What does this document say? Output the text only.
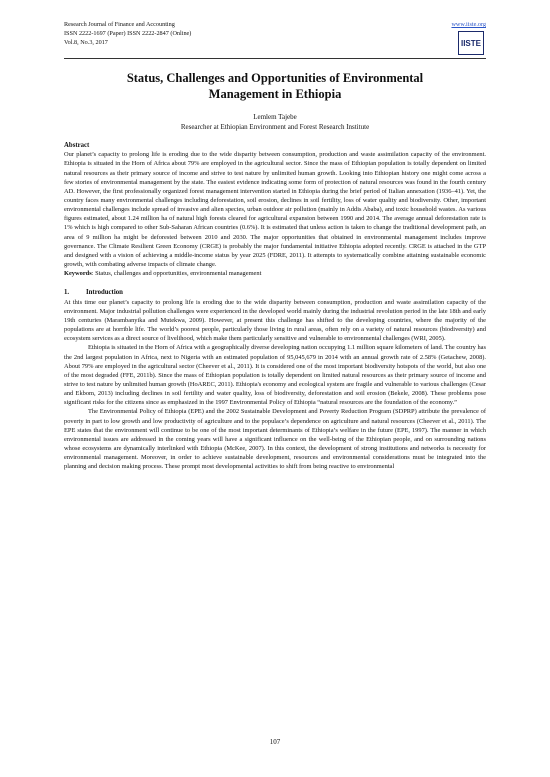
Research Journal of Finance and Accounting
ISSN 2222-1697 (Paper) ISSN 2222-2847 (Online)
Vol.8, No.3, 2017
www.iiste.org
IISTE
Status, Challenges and Opportunities of Environmental Management in Ethiopia
Lemlem Tajebe
Researcher at Ethiopian Environment and Forest Research Institute
Abstract

Our planet’s capacity to prolong life is eroding due to the wide disparity between consumption, production and waste assimilation capacity of the environment. Ethiopia is situated in the Horn of Africa about 79% are employed in the agricultural sector. Since the mass of Ethiopian population is totally dependent on limited natural resources as their primary source of income and strive to test nature by unlimited human growth. Looking into Ethiopian history one might come across a few stories of environmental management by the state. The easiest evidence indicating some form of protection of natural resources was found in the fourth century AD. However, the first professionally organized forest management intervention started in Ethiopia during the brief period of Italian annexation (1936–41). Yet, the country faces many environmental challenges including deforestation, soil erosion, declines in soil fertility, loss of water quality and biodiversity. Other, important environmental challenges include spread of invasive and alien species, urban outdoor air pollution (mainly in Addis Ababa), and toxic household wastes. As various figures estimated, about 1.24 million ha of natural high forests cleared for agricultural expansion between 1990 and 2014. The average annual deforestation rate is 1% which is high compared to other Sub-Saharan African countries (0.6%). It is estimated that unless action is taken to change the traditional development path, an area of 9 million ha might be deforested between 2010 and 2030. The major opportunities that obtained in environmental management includes improve governance. The Climate Resilient Green Economy (CRGE) is probably the major fundamental initiative Ethiopia adopted recently. CRGE is attached in the GTP and designed with a vision of achieving a middle-income status by year 2025 (FDRE, 2011). It attempts to systematically combine attaining sustainable economic growth, with combating adverse impacts of climate change.

Keywords: Status, challenges and opportunities, environmental management

1.	Introduction

At this time our planet’s capacity to prolong life is eroding due to the wide disparity between consumption, production and waste assimilation capacity of the environment. Major industrial pollution challenges were experienced in the developed world mainly during the industrial revolution period in the late 18th and early 19th centuries (Marambanyika and Mutekwa, 2009). However, at present this challenge has shifted to the developing countries, where the majority of the populations are at horrible life. The world’s poorest people, particularly those living in rural areas, often rely on a variety of natural resources (biodiversity) and ecosystem services as a direct source of livelihood, which make them particularly sensitive and vulnerable to environmental challenges (WRI, 2005).

Ethiopia is situated in the Horn of Africa with a geographically diverse developing nation occupying 1.1 million square kilometers of land. The country has the 2nd largest population in Africa, next to Nigeria with an estimated population of 95,045,679 in 2014 with an annual growth rate of 2.58% (Getachew, 2008). About 79% are employed in the agricultural sector (Cheever et al., 2011). It is considered one of the most important biodiversity hotspots of the world, but also one of the most degraded (FFE, 2011b). Since the mass of Ethiopian population is totally dependent on limited natural resources as their primary source of income and strive to test nature by unlimited human growth (HoAREC, 2011). Ethiopia's economy and ecological system are fragile and vulnerable to various challenges (Cesar and Ekbom, 2013) including declines in soil fertility and water quality, loss of biodiversity, deforestation and soil erosion (Bekele, 2008). These problems pose significant risks for the citizens since as emphasized in the 1997 Environmental Policy of Ethiopia “natural resources are the foundation of the economy.”

The Environmental Policy of Ethiopia (EPE) and the 2002 Sustainable Development and Poverty Reduction Program (SDPRP) attribute the prevalence of poverty in part to low growth and low productivity of agriculture and to the populace’s dependence on agriculture and natural resources (Cheever et al., 2011). The EPE states that the environment will continue to be one of the most important determinants of Ethiopia’s welfare in the future (EPE, 1997). The manner in which environmental issues are addressed in the coming years will have a significant influence on the well-being of the Ethiopian people, and on surrounding nations whose ecosystems are dynamically interlinked with Ethiopia (McKee, 2007). In this context, the development of strong institutions and networks is necessity for environmental management. Moreover, in order to achieve sustainable development, resources and environmental considerations must be integrated into the planning and decision making process. These prompt most developmental activities to shift from being reactive to environmental

107
